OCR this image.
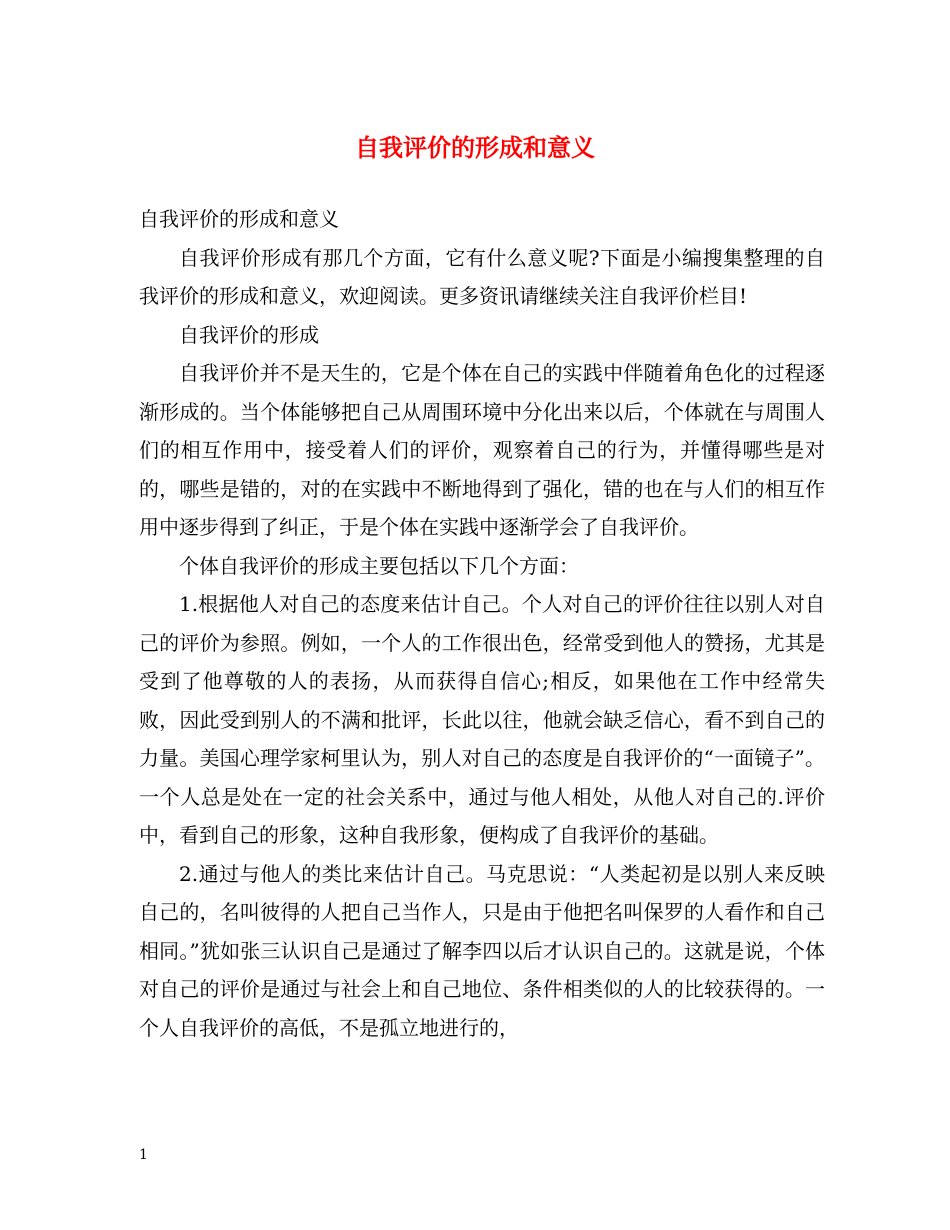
自我评价的形成和意义

自我评价的形成和意义

自我评价形成有那几个方面，它有什么意义呢?下面是小编搜集整理的自我评价的形成和意义，欢迎阅读。更多资讯请继续关注自我评价栏目!

自我评价的形成

自我评价并不是天生的，它是个体在自己的实践中伴随着角色化的过程逐渐形成的。当个体能够把自己从周围环境中分化出来以后，个体就在与周围人们的相互作用中，接受着人们的评价，观察着自己的行为，并懂得哪些是对的，哪些是错的，对的在实践中不断地得到了强化，错的也在与人们的相互作用中逐步得到了纠正，于是个体在实践中逐渐学会了自我评价。

个体自我评价的形成主要包括以下几个方面：

1.根据他人对自己的态度来估计自己。个人对自己的评价往往以别人对自己的评价为参照。例如，一个人的工作很出色，经常受到他人的赞扬，尤其是受到了他尊敬的人的表扬，从而获得自信心;相反，如果他在工作中经常失败，因此受到别人的不满和批评，长此以往，他就会缺乏信心，看不到自己的力量。美国心理学家柯里认为，别人对自己的态度是自我评价的“一面镜子”。一个人总是处在一定的社会关系中，通过与他人相处，从他人对自己的.评价中，看到自己的形象，这种自我形象，便构成了自我评价的基础。

2.通过与他人的类比来估计自己。马克思说：“人类起初是以别人来反映自己的，名叫彼得的人把自己当作人，只是由于他把名叫保罗的人看作和自己相同。”犹如张三认识自己是通过了解李四以后才认识自己的。这就是说，个体对自己的评价是通过与社会上和自己地位、条件相类似的人的比较获得的。一个人自我评价的高低，不是孤立地进行的，

1
